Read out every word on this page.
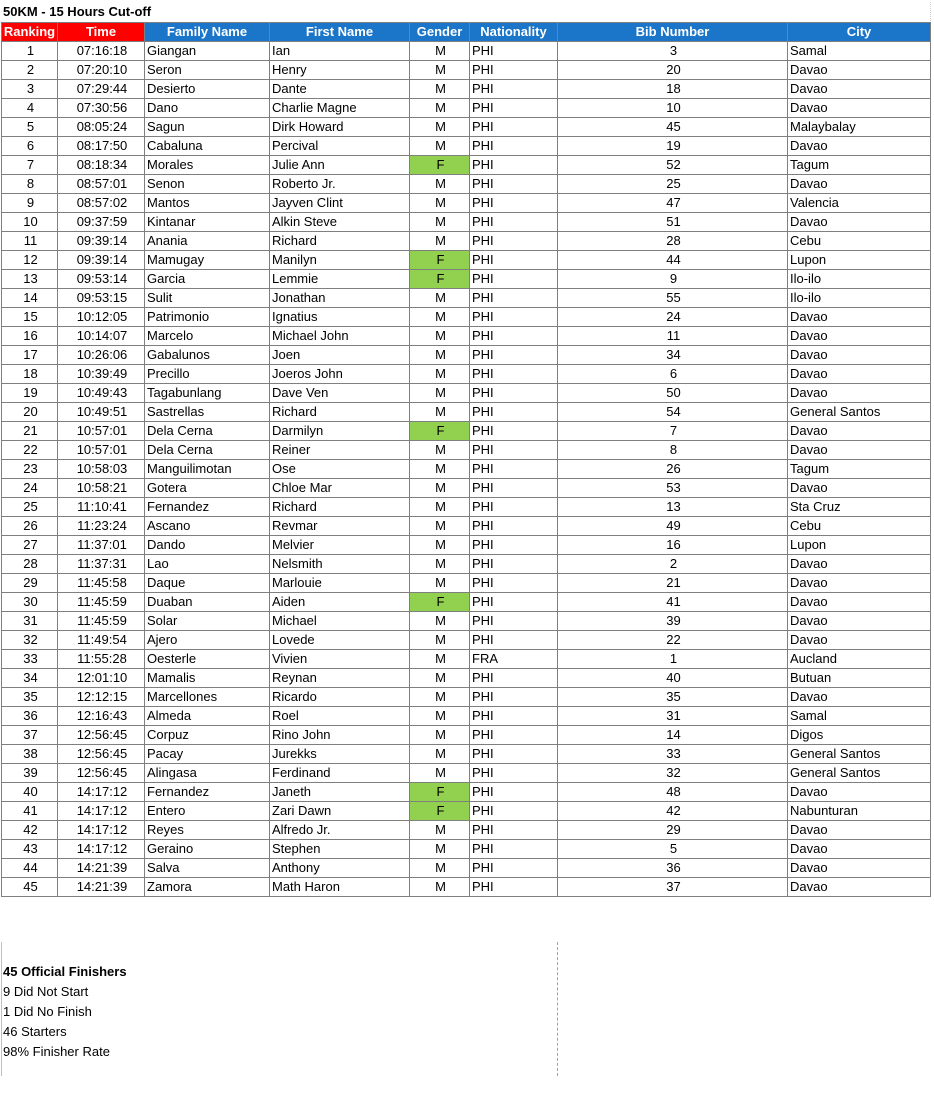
50KM - 15 Hours Cut-off
Ranking	Time	Family Name	First Name	Gender	Nationality	Bib Number	City
1	07:16:18	Giangan	Ian	M	PHI	3	Samal
2	07:20:10	Seron	Henry	M	PHI	20	Davao
3	07:29:44	Desierto	Dante	M	PHI	18	Davao
4	07:30:56	Dano	Charlie Magne	M	PHI	10	Davao
5	08:05:24	Sagun	Dirk Howard	M	PHI	45	Malaybalay
6	08:17:50	Cabaluna	Percival	M	PHI	19	Davao
7	08:18:34	Morales	Julie Ann	F	PHI	52	Tagum
8	08:57:01	Senon	Roberto Jr.	M	PHI	25	Davao
9	08:57:02	Mantos	Jayven Clint	M	PHI	47	Valencia
10	09:37:59	Kintanar	Alkin Steve	M	PHI	51	Davao
11	09:39:14	Anania	Richard	M	PHI	28	Cebu
12	09:39:14	Mamugay	Manilyn	F	PHI	44	Lupon
13	09:53:14	Garcia	Lemmie	F	PHI	9	Ilo-ilo
14	09:53:15	Sulit	Jonathan	M	PHI	55	Ilo-ilo
15	10:12:05	Patrimonio	Ignatius	M	PHI	24	Davao
16	10:14:07	Marcelo	Michael John	M	PHI	11	Davao
17	10:26:06	Gabalunos	Joen	M	PHI	34	Davao
18	10:39:49	Precillo	Joeros John	M	PHI	6	Davao
19	10:49:43	Tagabunlang	Dave Ven	M	PHI	50	Davao
20	10:49:51	Sastrellas	Richard	M	PHI	54	General Santos
21	10:57:01	Dela Cerna	Darmilyn	F	PHI	7	Davao
22	10:57:01	Dela Cerna	Reiner	M	PHI	8	Davao
23	10:58:03	Manguilimotan	Ose	M	PHI	26	Tagum
24	10:58:21	Gotera	Chloe Mar	M	PHI	53	Davao
25	11:10:41	Fernandez	Richard	M	PHI	13	Sta Cruz
26	11:23:24	Ascano	Revmar	M	PHI	49	Cebu
27	11:37:01	Dando	Melvier	M	PHI	16	Lupon
28	11:37:31	Lao	Nelsmith	M	PHI	2	Davao
29	11:45:58	Daque	Marlouie	M	PHI	21	Davao
30	11:45:59	Duaban	Aiden	F	PHI	41	Davao
31	11:45:59	Solar	Michael	M	PHI	39	Davao
32	11:49:54	Ajero	Lovede	M	PHI	22	Davao
33	11:55:28	Oesterle	Vivien	M	FRA	1	Aucland
34	12:01:10	Mamalis	Reynan	M	PHI	40	Butuan
35	12:12:15	Marcellones	Ricardo	M	PHI	35	Davao
36	12:16:43	Almeda	Roel	M	PHI	31	Samal
37	12:56:45	Corpuz	Rino John	M	PHI	14	Digos
38	12:56:45	Pacay	Jurekks	M	PHI	33	General Santos
39	12:56:45	Alingasa	Ferdinand	M	PHI	32	General Santos
40	14:17:12	Fernandez	Janeth	F	PHI	48	Davao
41	14:17:12	Entero	Zari Dawn	F	PHI	42	Nabunturan
42	14:17:12	Reyes	Alfredo Jr.	M	PHI	29	Davao
43	14:17:12	Geraino	Stephen	M	PHI	5	Davao
44	14:21:39	Salva	Anthony	M	PHI	36	Davao
45	14:21:39	Zamora	Math Haron	M	PHI	37	Davao
45 Official Finishers
9 Did Not Start
1 Did No Finish
46 Starters
98% Finisher Rate
